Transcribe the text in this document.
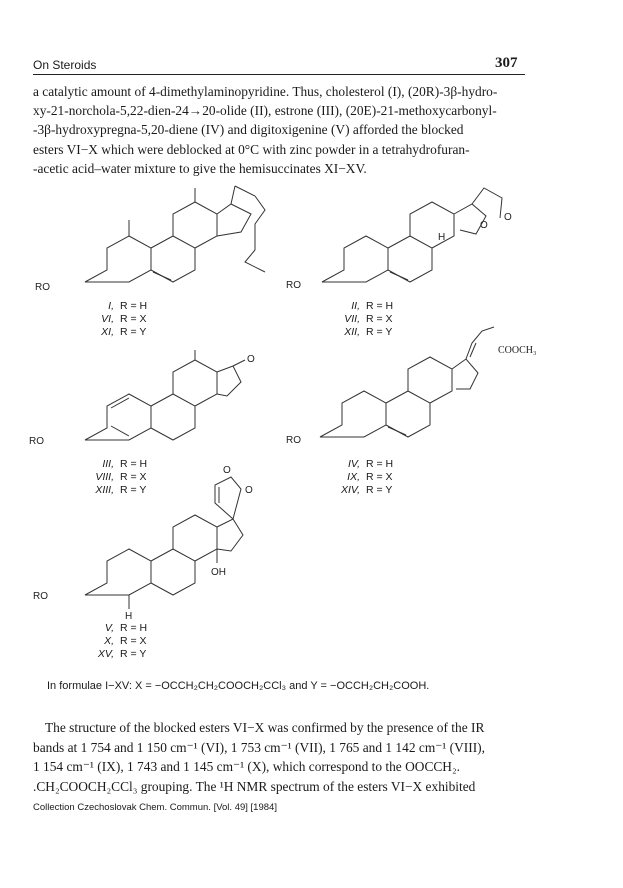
On Steroids	307

a catalytic amount of 4-dimethylaminopyridine. Thus, cholesterol (I), (20R)-3β-hydro-

xy-21-norchola-5,22-dien-24→20-olide (II), estrone (III), (20E)-21-methoxycarbonyl-

-3β-hydroxypregna-5,20-diene (IV) and digitoxigenine (V) afforded the blocked

esters VI−X which were deblocked at 0°C with zinc powder in a tetrahydrofuran-

-acetic acid–water mixture to give the hemisuccinates XI−XV.

RO
I, R = H
VI, R = X
XI, R = Y
RO
H
O
O
II, R = H
VII, R = X
XII, R = Y
RO
O
III, R = H
VIII, R = X
XIII, R = Y
RO
COOCH₃
IV, R = H
IX, R = X
XIV, R = Y
RO
H
OH
O
O
V, R = H
X, R = X
XV, R = Y
In formulae I−XV: X = −OCCH₂CH₂COOCH₂CCl₃ and Y = −OCCH₂CH₂COOH.

The structure of the blocked esters VI−X was confirmed by the presence of the IR

bands at 1 754 and 1 150 cm⁻¹ (VI), 1 753 cm⁻¹ (VII), 1 765 and 1 142 cm⁻¹ (VIII),

1 154 cm⁻¹ (IX), 1 743 and 1 145 cm⁻¹ (X), which correspond to the OOCCH₂.

.CH₂COOCH₂CCl₃ grouping. The ¹H NMR spectrum of the esters VI−X exhibited

Collection Czechoslovak Chem. Commun. [Vol. 49] [1984]
